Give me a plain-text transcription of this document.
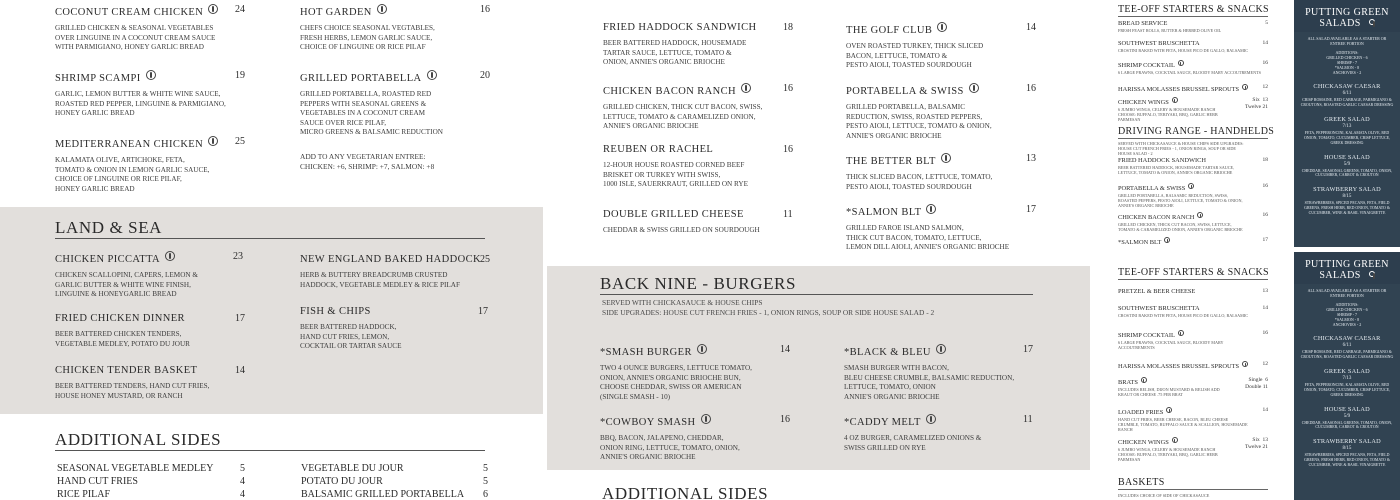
COCONUT CREAM CHICKEN	24
GRILLED CHICKEN & SEASONAL VEGETABLES
OVER LINGUINE IN A COCONUT CREAM SAUCE
WITH PARMIGIANO, HONEY GARLIC BREAD
HOT GARDEN	16
CHEFS CHOICE SEASONAL VEGTABLES,
FRESH HERBS, LEMON GARLIC SAUCE,
CHOICE OF LINGUINE OR RICE PILAF
SHRIMP SCAMPI	19
GARLIC, LEMON BUTTER & WHITE WINE SAUCE,
ROASTED RED PEPPER, LINGUINE & PARMIGIANO,
HONEY GARLIC BREAD
GRILLED PORTABELLA	20
GRILLED PORTABELLA, ROASTED RED
PEPPERS WITH SEASONAL GREENS &
VEGETABLES IN A COCONUT CREAM
SAUCE OVER RICE PILAF,
MICRO GREENS & BALSAMIC REDUCTION
MEDITERRANEAN CHICKEN	25
KALAMATA OLIVE, ARTICHOKE, FETA,
TOMATO & ONION IN LEMON GARLIC SAUCE,
CHOICE OF LINGUINE OR RICE PILAF,
HONEY GARLIC BREAD
ADD TO ANY VEGETARIAN ENTREE:
CHICKEN: +6, SHRIMP: +7, SALMON: +8
LAND & SEA
CHICKEN PICCATTA	23
CHICKEN SCALLOPINI, CAPERS, LEMON &
GARLIC BUTTER & WHITE WINE FINISH,
LINGUINE & HONEYGARLIC BREAD
NEW ENGLAND BAKED HADDOCK 25
HERB & BUTTERY BREADCRUMB CRUSTED
HADDOCK, VEGETABLE MEDLEY & RICE PILAF
FRIED CHICKEN DINNER	17
BEER BATTERED CHICKEN TENDERS,
VEGETABLE MEDLEY, POTATO DU JOUR
FISH & CHIPS	17
BEER BATTERED HADDOCK,
HAND CUT FRIES, LEMON,
COCKTAIL OR TARTAR SAUCE
CHICKEN TENDER BASKET	14
BEER BATTERED TENDERS, HAND CUT FRIES,
HOUSE HONEY MUSTARD, OR RANCH
ADDITIONAL SIDES
SEASONAL VEGETABLE MEDLEY	5	VEGETABLE DU JOUR	5
HAND CUT FRIES	4	POTATO DU JOUR	5
RICE PILAF	4	BALSAMIC GRILLED PORTABELLA 6
FRIED HADDOCK SANDWICH	18
BEER BATTERED HADDOCK, HOUSEMADE
TARTAR SAUCE, LETTUCE, TOMATO &
ONION, ANNIE'S ORGANIC BRIOCHE
THE GOLF CLUB	14
OVEN ROASTED TURKEY, THICK SLICED
BACON, LETTUCE, TOMATO &
PESTO AIOLI, TOASTED SOURDOUGH
CHICKEN BACON RANCH	16
GRILLED CHICKEN, THICK CUT BACON, SWISS,
LETTUCE, TOMATO & CARAMELIZED ONION,
ANNIE'S ORGANIC BRIOCHE
PORTABELLA & SWISS	16
GRILLED PORTABELLA, BALSAMIC
REDUCTION, SWISS, ROASTED PEPPERS,
PESTO AIOLI, LETTUCE, TOMATO & ONION,
ANNIE'S ORGANIC BRIOCHE
REUBEN OR RACHEL	16
12-HOUR HOUSE ROASTED CORNED BEEF
BRISKET OR TURKEY WITH SWISS,
1000 ISLE, SAUERKRAUT, GRILLED ON RYE
THE BETTER BLT	13
THICK SLICED BACON, LETTUCE, TOMATO,
PESTO AIOLI, TOASTED SOURDOUGH
DOUBLE GRILLED CHEESE	11
CHEDDAR & SWISS GRILLED ON SOURDOUGH
*SALMON BLT	17
GRILLED FAROE ISLAND SALMON,
THICK CUT BACON, TOMATO, LETTUCE,
LEMON DILL AIOLI, ANNIE'S ORGANIC BRIOCHE
BACK NINE - BURGERS
SERVED WITH CHICKASAUCE & HOUSE CHIPS
SIDE UPGRADES: HOUSE CUT FRENCH FRIES - 1, ONION RINGS, SOUP OR SIDE HOUSE SALAD - 2
*SMASH BURGER	14
TWO 4 OUNCE BURGERS, LETTUCE TOMATO,
ONION, ANNIE'S ORGANIC BRIOCHE BUN,
CHOOSE CHEDDAR, SWISS OR AMERICAN
(SINGLE SMASH - 10)
*BLACK & BLEU	17
SMASH BURGER WITH BACON,
BLEU CHEESE CRUMBLE, BALSAMIC REDUCTION,
LETTUCE, TOMATO, ONION
ANNIE'S ORGANIC BRIOCHE
*COWBOY SMASH	16
BBQ, BACON, JALAPENO, CHEDDAR,
ONION RING, LETTUCE, TOMATO, ONION,
ANNIE'S ORGANIC BRIOCHE
*CADDY MELT	11
4 OZ BURGER, CARAMELIZED ONIONS &
SWISS GRILLED ON RYE
ADDITIONAL SIDES
TEE-OFF STARTERS & SNACKS
BREAD SERVICE	5
FRESH FEAST ROLLS, BUTTER & HERBED OLIVE OIL
SOUTHWEST BRUSCHETTA	14
CROSTINI BAKED WITH FETA, HOUSE PICO DE GALLO, BALSAMIC
SHRIMP COCKTAIL	16
6 LARGE PRAWNS, COCKTAIL SAUCE, BLOODY MARY ACCOUTREMENTS
HARISSA MOLASSES BRUSSEL SPROUTS	12
CHICKEN WINGS	Six  13
Twelve 21
6 JUMBO WINGS, CELERY & HOUSEMADE RANCH CHOOSE: BUFFALO, TERIYAKI, BBQ, GARLIC HERB PARMESAN
DRIVING RANGE - HANDHELDS
SERVED WITH CHICKASAUCE & HOUSE CHIPS SIDE UPGRADES: HOUSE CUT FRENCH FRIES - 1, ONION RINGS, SOUP OR SIDE HOUSE SALAD - 2
FRIED HADDOCK SANDWICH	18
BEER BATTERED HADDOCK, HOUSEMADE TARTAR SAUCE, LETTUCE, TOMATO & ONION, ANNIE'S ORGANIC BRIOCHE
PORTABELLA & SWISS	16
GRILLED PORTABELLA, BALSAMIC REDUCTION, SWISS, ROASTED PEPPERS, PESTO AIOLI, LETTUCE, TOMATO & ONION, ANNIE'S ORGANIC BRIOCHE
CHICKEN BACON RANCH	16
GRILLED CHICKEN, THICK CUT BACON, SWISS, LETTUCE, TOMATO & CARAMELIZED ONION, ANNIE'S ORGANIC BRIOCHE
*SALMON BLT	17
TEE-OFF STARTERS & SNACKS
PRETZEL & BEER CHEESE	13
SOUTHWEST BRUSCHETTA	14
CROSTINI BAKED WITH FETA, HOUSE PICO DE GALLO, BALSAMIC
SHRIMP COCKTAIL	16
6 LARGE PRAWNS, COCKTAIL SAUCE, BLOODY MARY ACCOUTREMENTS
HARISSA MOLASSES BRUSSEL SPROUTS	12
BRATS	Single  6
Double 11
INCLUDES RELISH, DIJON MUSTARD & RELISH ADD KRAUT OR CHEESE .75 PER BRAT
LOADED FRIES	14
HAND CUT FRIES, BEER CHEESE, BACON, BLEU CHEESE CRUMBLE, TOMATO, BUFFALO SAUCE & SCALLION, HOUSEMADE RANCH
CHICKEN WINGS	Six  13
Twelve 21
6 JUMBO WINGS, CELERY & HOUSEMADE RANCH CHOOSE: BUFFALO, TERIYAKI, BBQ, GARLIC HERB PARMESAN
BASKETS
INCLUDES CHOICE OF SIDE OF CHICKASAUCE
PUTTING GREEN SALADS
ALL SALAD AVAILABLE AS A STARTER OR ENTREE PORTION
ADDITIONS:
GRILLED CHICKEN - 6
SHRIMP - 7
*SALMON - 8
ANCHOVIES - 2
CHICKASAW CAESAR
6/11
CRISP ROMAINE, RED CABBAGE, PARMIGIANO & CROUTONS, ROASTED GARLIC CAESAR DRESSING
GREEK SALAD
7/13
FETA, PEPPERONCINI, KALAMATA OLIVE, RED ONION, TOMATO, CUCUMBER, CRISP LETTUCE, GREEK DRESSING
HOUSE SALAD
5/9
CHEDDAR, SEASONAL GREENS, TOMATO, ONION, CUCUMBER, CARROT & CROUTON
STRAWBERRY SALAD
8/15
STRAWBERRIES, SPICED PECANS, FETA, FIELD GREENS, FRESH HERB, RED ONION, TOMATO & CUCUMBER, WINE & BASIL VINAIGRETTE
PUTTING GREEN SALADS
ALL SALAD AVAILABLE AS A STARTER OR ENTREE PORTION
ADDITIONS:
GRILLED CHICKEN - 6
SHRIMP - 7
*SALMON - 8
ANCHOVIES - 2
CHICKASAW CAESAR
6/11
CRISP ROMAINE, RED CABBAGE, PARMIGIANO & CROUTONS, ROASTED GARLIC CAESAR DRESSING
GREEK SALAD
7/13
FETA, PEPPERONCINI, KALAMATA OLIVE, RED ONION, TOMATO, CUCUMBER, CRISP LETTUCE, GREEK DRESSING
HOUSE SALAD
5/9
CHEDDAR, SEASONAL GREENS, TOMATO, ONION, CUCUMBER, CARROT & CROUTON
STRAWBERRY SALAD
8/15
STRAWBERRIES, SPICED PECANS, FETA, FIELD GREENS, FRESH HERB, RED ONION, TOMATO & CUCUMBER, WINE & BASIL VINAIGRETTE
